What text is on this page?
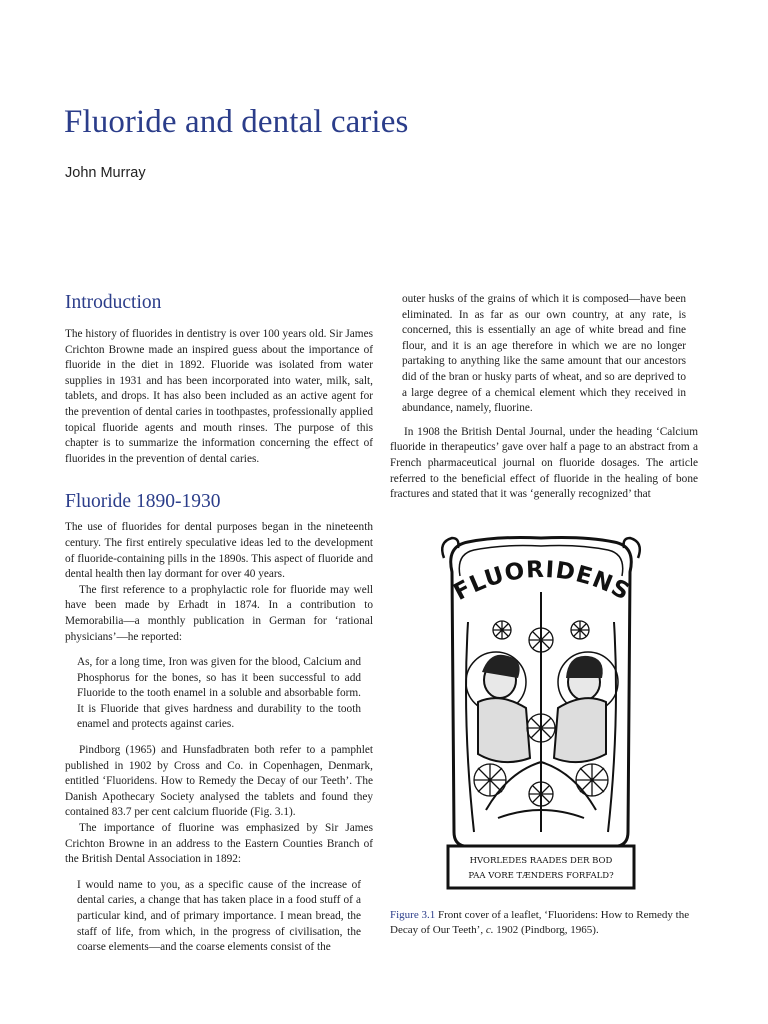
Fluoride and dental caries
John Murray
Introduction

The history of fluorides in dentistry is over 100 years old. Sir James Crichton Browne made an inspired guess about the importance of fluoride in the diet in 1892. Fluoride was isolated from water supplies in 1931 and has been incorporated into water, milk, salt, tablets, and drops. It has also been included as an active agent for the prevention of dental caries in toothpastes, professionally applied topical fluoride agents and mouth rinses. The purpose of this chapter is to summarize the information concerning the effect of fluorides in the prevention of dental caries.

Fluoride 1890-1930

The use of fluorides for dental purposes began in the nineteenth century. The first entirely speculative ideas led to the development of fluoride-containing pills in the 1890s. This aspect of fluoride and dental health then lay dormant for over 40 years.

The first reference to a prophylactic role for fluoride may well have been made by Erhadt in 1874. In a contribution to Memorabilia—a monthly publication in German for ‘rational physicians’—he reported:

As, for a long time, Iron was given for the blood, Calcium and Phosphorus for the bones, so has it been successful to add Fluoride to the tooth enamel in a soluble and absorbable form. It is Fluoride that gives hardness and durability to the tooth enamel and protects against caries.

Pindborg (1965) and Hunsfadbraten both refer to a pamphlet published in 1902 by Cross and Co. in Copenhagen, Denmark, entitled ‘Fluoridens. How to Remedy the Decay of our Teeth’. The Danish Apothecary Society analysed the tablets and found they contained 83.7 per cent calcium fluoride (Fig. 3.1).

The importance of fluorine was emphasized by Sir James Crichton Browne in an address to the Eastern Counties Branch of the British Dental Association in 1892:

I would name to you, as a specific cause of the increase of dental caries, a change that has taken place in a food stuff of a particular kind, and of primary importance. I mean bread, the staff of life, from which, in the progress of civilisation, the coarse elements—and the coarse elements consist of the

outer husks of the grains of which it is composed—have been eliminated. In as far as our own country, at any rate, is concerned, this is essentially an age of white bread and fine flour, and it is an age therefore in which we are no longer partaking to anything like the same amount that our ancestors did of the bran or husky parts of wheat, and so are deprived to a large degree of a chemical element which they received in abundance, namely, fluorine.

In 1908 the British Dental Journal, under the heading ‘Calcium fluoride in therapeutics’ gave over half a page to an abstract from a French pharmaceutical journal on fluoride dosages. The article referred to the beneficial effect of fluoride in the healing of bone fractures and stated that it was ‘generally recognized’ that

FLUORIDENS
HVORLEDES RAADES DER BOD
PAA VORE TÆNDERS FORFALD?
Figure 3.1 Front cover of a leaflet, ‘Fluoridens: How to Remedy the Decay of Our Teeth’, c. 1902 (Pindborg, 1965).
